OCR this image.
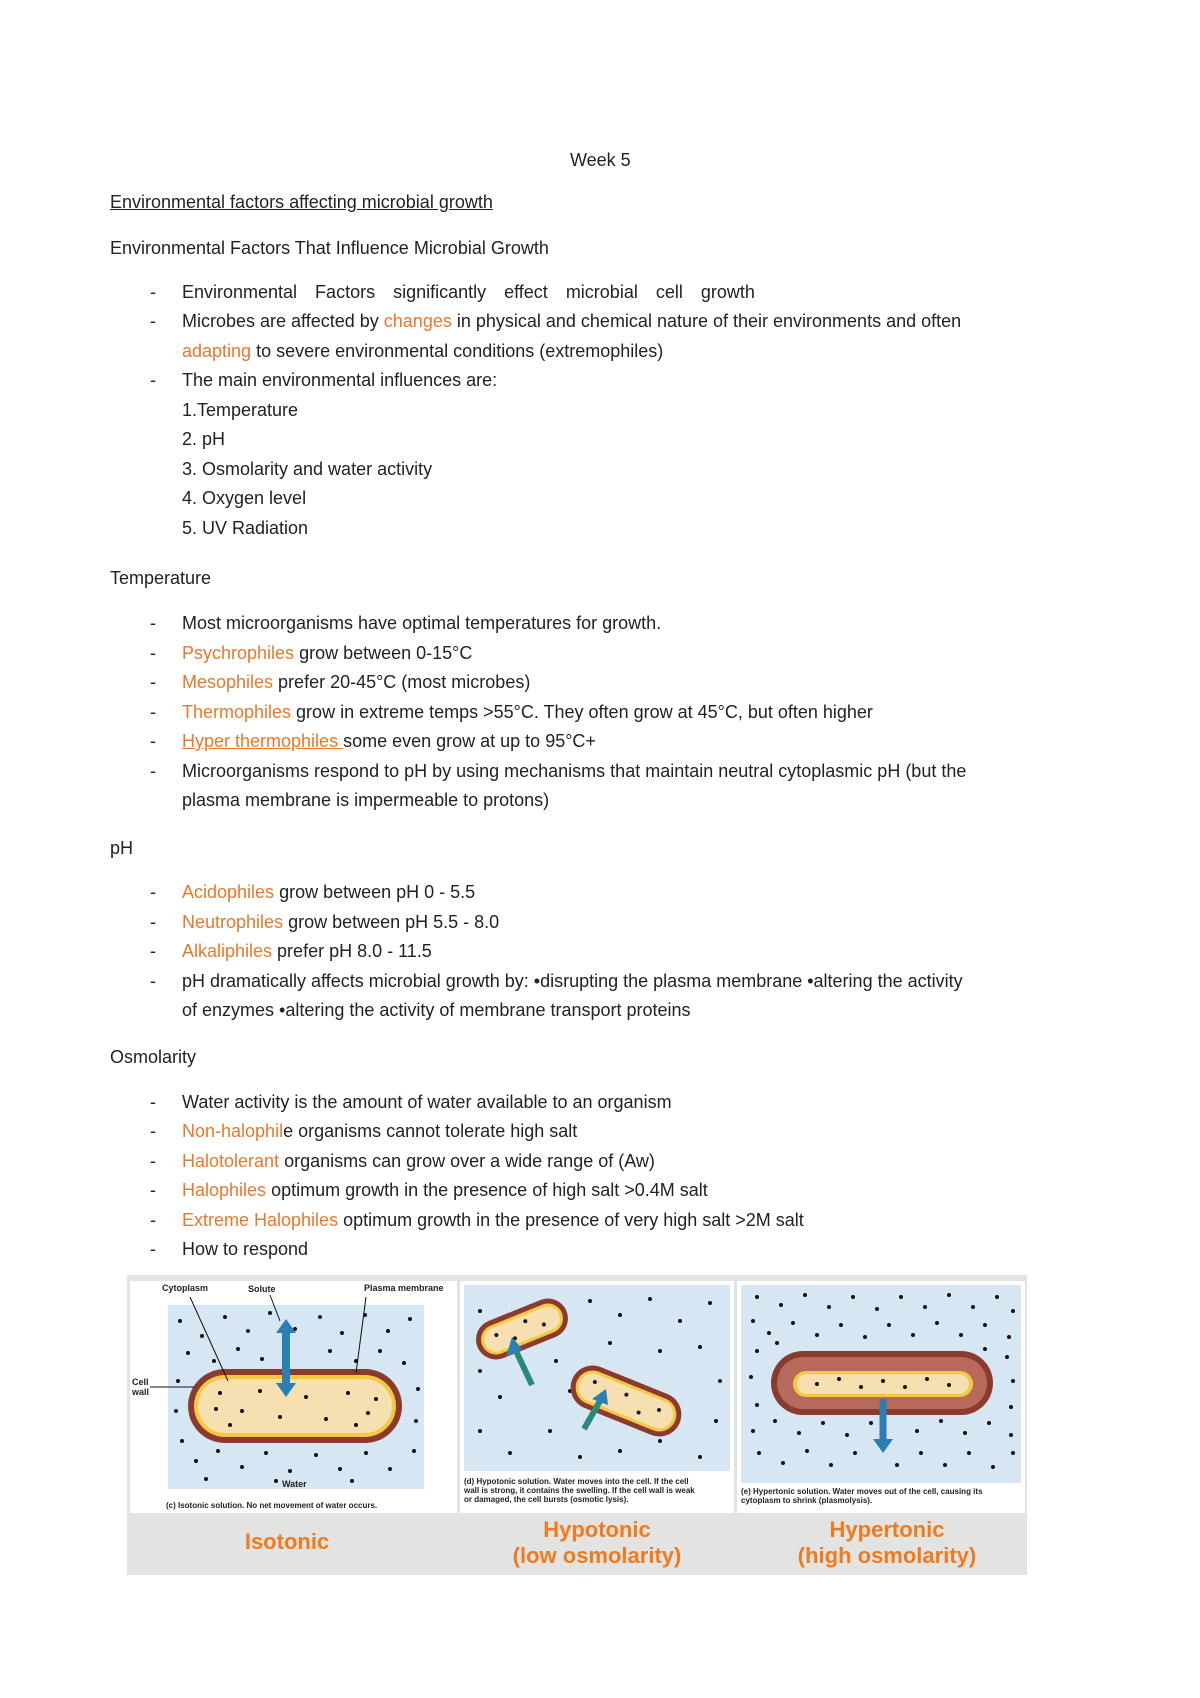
Week 5
Environmental factors affecting microbial growth
Environmental Factors That Influence Microbial Growth
- Environmental Factors significantly effect microbial cell growth
- Microbes are affected by changes in physical and chemical nature of their environments and often
adapting to severe environmental conditions (extremophiles)
- The main environmental influences are:
1.Temperature
2. pH
3. Osmolarity and water activity
4. Oxygen level
5. UV Radiation
Temperature
- Most microorganisms have optimal temperatures for growth.
- Psychrophiles grow between 0-15°C
- Mesophiles prefer 20-45°C (most microbes)
- Thermophiles grow in extreme temps >55°C. They often grow at 45°C, but often higher
- Hyper thermophiles some even grow at up to 95°C+
- Microorganisms respond to pH by using mechanisms that maintain neutral cytoplasmic pH (but the
plasma membrane is impermeable to protons)
pH
- Acidophiles grow between pH 0 - 5.5
- Neutrophiles grow between pH 5.5 - 8.0
- Alkaliphiles prefer pH 8.0 - 11.5
- pH dramatically affects microbial growth by: •disrupting the plasma membrane •altering the activity
of enzymes •altering the activity of membrane transport proteins
Osmolarity
- Water activity is the amount of water available to an organism
- Non-halophile organisms cannot tolerate high salt
- Halotolerant organisms can grow over a wide range of (Aw)
- Halophiles optimum growth in the presence of high salt >0.4M salt
- Extreme Halophiles optimum growth in the presence of very high salt >2M salt
- How to respond
Cytoplasm	Solute	Plasma membrane
Cell
wall
Water
(c) Isotonic solution. No net movement of water occurs.
(d) Hypotonic solution. Water moves into the cell. If the cell
wall is strong, it contains the swelling. If the cell wall is weak
or damaged, the cell bursts (osmotic lysis).
(e) Hypertonic solution. Water moves out of the cell, causing its
cytoplasm to shrink (plasmolysis).
Isotonic	Hypotonic
(low osmolarity)
Hypertonic
(high osmolarity)
